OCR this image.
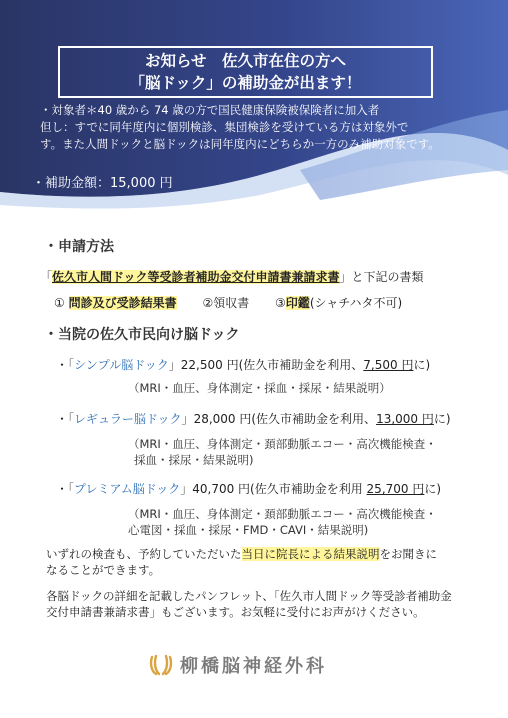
お知らせ　佐久市在住の方へ
「脳ドック」の補助金が出ます！

・対象者＊40 歳から 74 歳の方で国民健康保険被保険者に加入者

但し：すでに同年度内に個別検診、集団検診を受けている方は対象外で

す。また人間ドックと脳ドックは同年度内にどちらか一方のみ補助対象です。

・補助金額：15,000 円
・申請方法
「佐久市人間ドック等受診者補助金交付申請書兼請求書」と下記の書類
① 問診及び受診結果書 ②領収書 ③印鑑(シャチハタ不可)
・当院の佐久市民向け脳ドック
・「シンプル脳ドック」22,500 円(佐久市補助金を利用、7,500 円に)
（MRI・血圧、身体測定・採血・採尿・結果説明）
・「レギュラー脳ドック」28,000 円(佐久市補助金を利用、13,000 円に)
（MRI・血圧、身体測定・頚部動脈エコー・高次機能検査・
採血・採尿・結果説明)
・「プレミアム脳ドック」40,700 円(佐久市補助金を利用 25,700 円に)
（MRI・血圧、身体測定・頚部動脈エコー・高次機能検査・
心電図・採血・採尿・FMD・CAVI・結果説明)

いずれの検査も、予約していただいた当日に院長による結果説明をお聞きに

なることができます。

各脳ドックの詳細を記載したパンフレット、「佐久市人間ドック等受診者補助金

交付申請書兼請求書」もございます。お気軽に受付にお声がけください。

柳橋脳神経外科
